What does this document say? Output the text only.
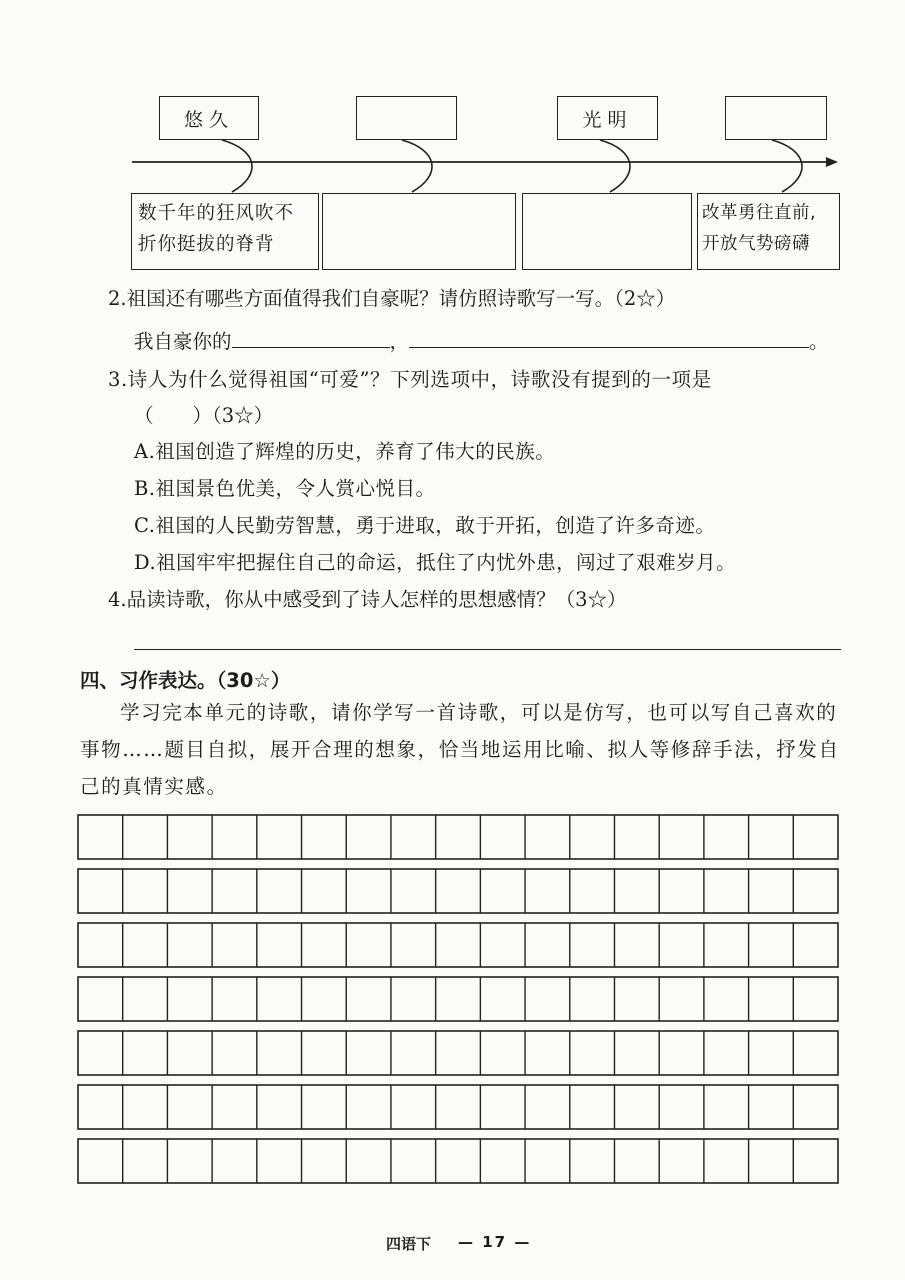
悠久	光明
数千年的狂风吹不
折你挺拔的脊背
改革勇往直前,
开放气势磅礴
2.祖国还有哪些方面值得我们自豪呢？请仿照诗歌写一写。（2☆）
我自豪你的	，	。
3.诗人为什么觉得祖国“可爱”？下列选项中，诗歌没有提到的一项是
（　　）（3☆）
A.祖国创造了辉煌的历史，养育了伟大的民族。
B.祖国景色优美，令人赏心悦目。
C.祖国的人民勤劳智慧，勇于进取，敢于开拓，创造了许多奇迹。
D.祖国牢牢把握住自己的命运，抵住了内忧外患，闯过了艰难岁月。
4.品读诗歌，你从中感受到了诗人怎样的思想感情？（3☆）
四、习作表达。（30☆）
学习完本单元的诗歌，请你学写一首诗歌，可以是仿写，也可以写自己喜欢的事物……题目自拟，展开合理的想象，恰当地运用比喻、拟人等修辞手法，抒发自己的真情实感。
四语下 — 17 —
